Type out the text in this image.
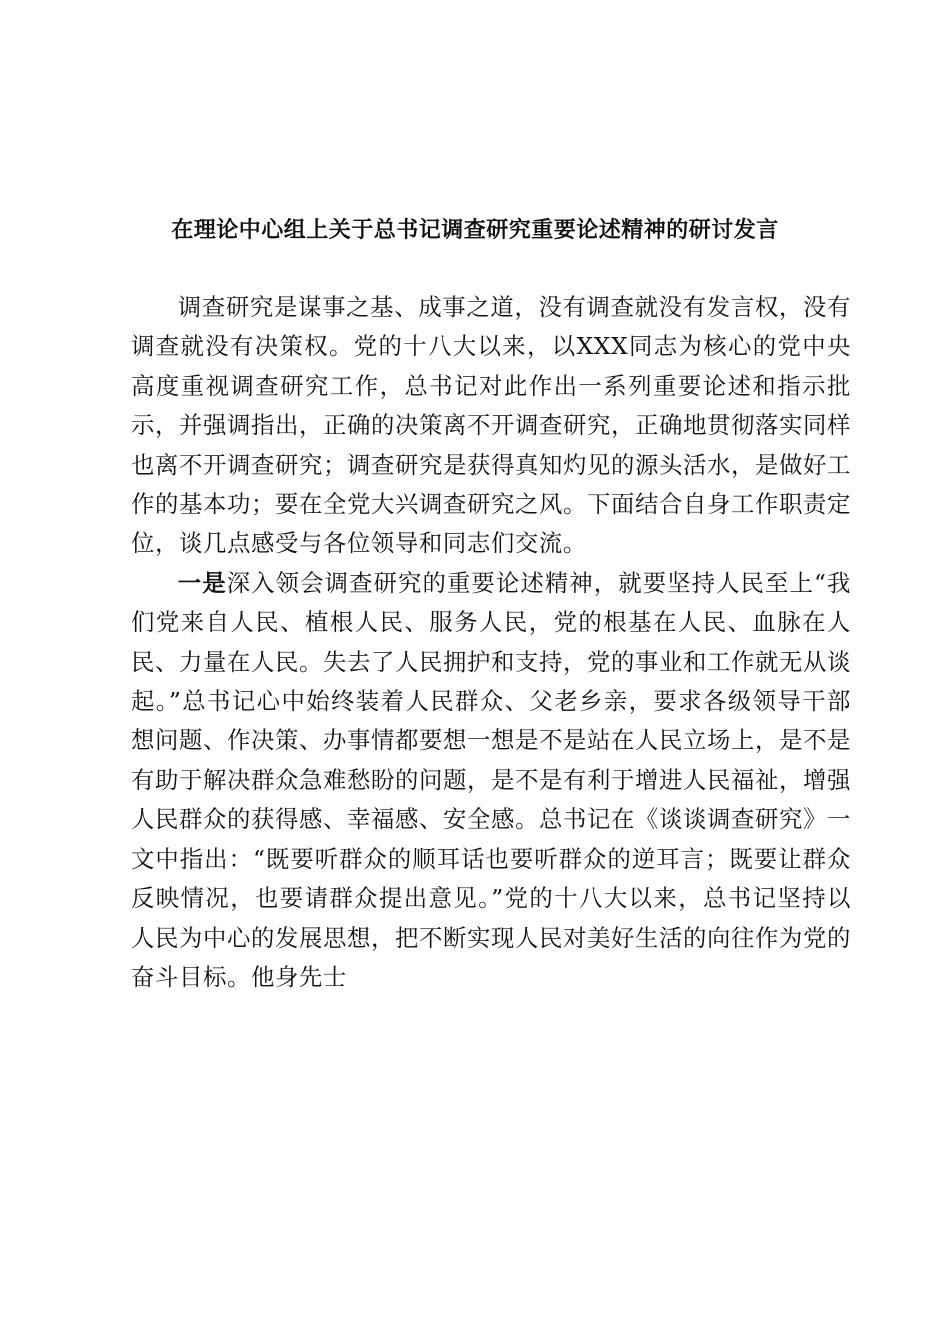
在理论中心组上关于总书记调查研究重要论述精神的研讨发言

调查研究是谋事之基、成事之道，没有调查就没有发言权，没有调查就没有决策权。党的十八大以来，以XXX同志为核心的党中央高度重视调查研究工作，总书记对此作出一系列重要论述和指示批示，并强调指出，正确的决策离不开调查研究，正确地贯彻落实同样也离不开调查研究；调查研究是获得真知灼见的源头活水，是做好工作的基本功；要在全党大兴调查研究之风。下面结合自身工作职责定位，谈几点感受与各位领导和同志们交流。

一是深入领会调查研究的重要论述精神，就要坚持人民至上“我们党来自人民、植根人民、服务人民，党的根基在人民、血脉在人民、力量在人民。失去了人民拥护和支持，党的事业和工作就无从谈起。”总书记心中始终装着人民群众、父老乡亲，要求各级领导干部想问题、作决策、办事情都要想一想是不是站在人民立场上，是不是有助于解决群众急难愁盼的问题，是不是有利于增进人民福祉，增强人民群众的获得感、幸福感、安全感。总书记在《谈谈调查研究》一文中指出：“既要听群众的顺耳话也要听群众的逆耳言；既要让群众反映情况，也要请群众提出意见。”党的十八大以来，总书记坚持以人民为中心的发展思想，把不断实现人民对美好生活的向往作为党的奋斗目标。他身先士
